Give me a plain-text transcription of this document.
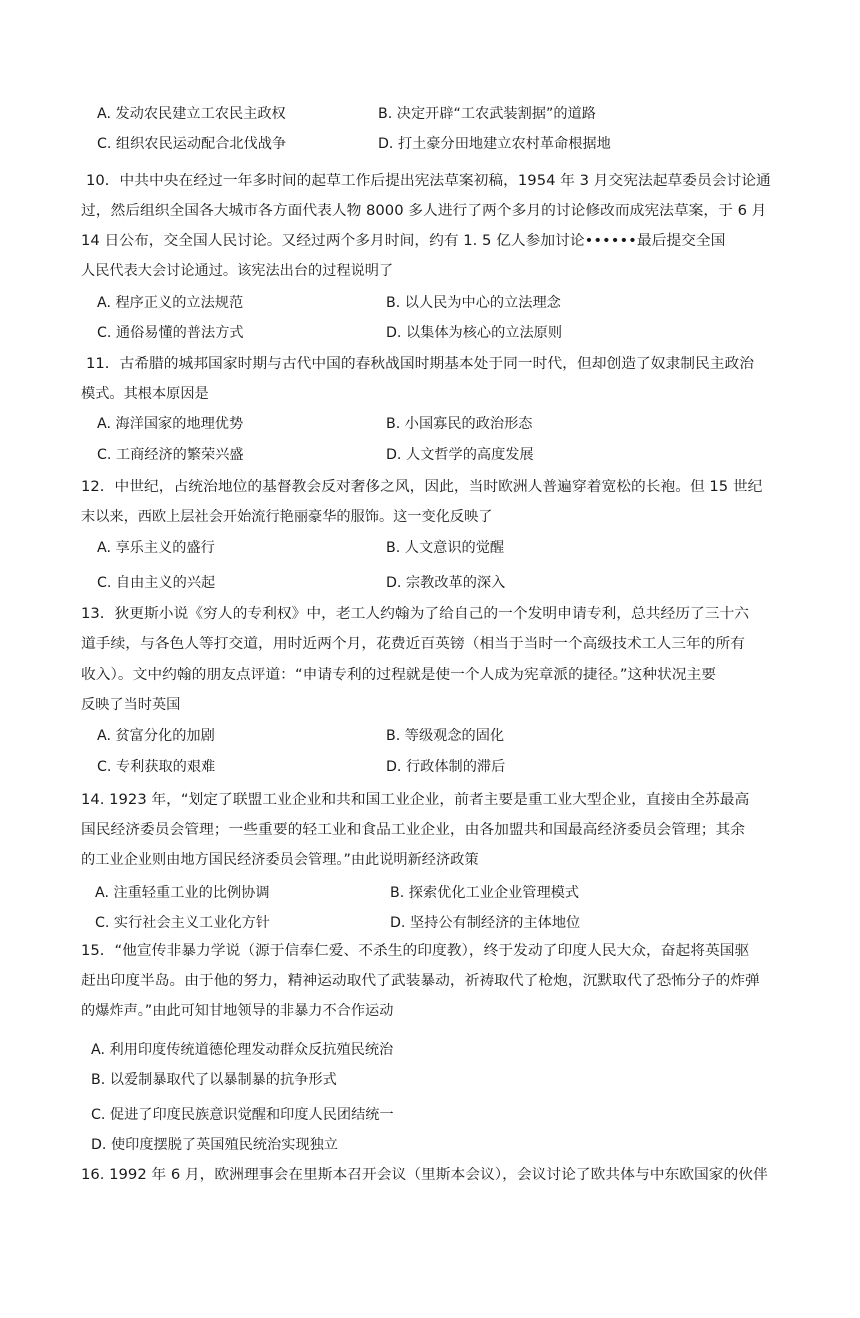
A. 发动农民建立工农民主政权	B. 决定开辟“工农武装割据”的道路
C. 组织农民运动配合北伐战争	D. 打土豪分田地建立农村革命根据地
10．中共中央在经过一年多时间的起草工作后提出宪法草案初稿，1954 年 3 月交宪法起草委员会讨论通
过，然后组织全国各大城市各方面代表人物 8000 多人进行了两个多月的讨论修改而成宪法草案，于 6 月
14 日公布，交全国人民讨论。又经过两个多月时间，约有 1. 5 亿人参加讨论••••••最后提交全国
人民代表大会讨论通过。该宪法出台的过程说明了
A. 程序正义的立法规范	B. 以人民为中心的立法理念
C. 通俗易懂的普法方式	D. 以集体为核心的立法原则
11．古希腊的城邦国家时期与古代中国的春秋战国时期基本处于同一时代，但却创造了奴隶制民主政治
模式。其根本原因是
A. 海洋国家的地理优势	B. 小国寡民的政治形态
C. 工商经济的繁荣兴盛	D. 人文哲学的高度发展
12．中世纪，占统治地位的基督教会反对奢侈之风，因此，当时欧洲人普遍穿着宽松的长袍。但 15 世纪
末以来，西欧上层社会开始流行艳丽豪华的服饰。这一变化反映了
A. 享乐主义的盛行	B. 人文意识的觉醒
C. 自由主义的兴起	D. 宗教改革的深入
13．狄更斯小说《穷人的专利权》中，老工人约翰为了给自己的一个发明申请专利，总共经历了三十六
道手续，与各色人等打交道，用时近两个月，花费近百英镑（相当于当时一个高级技术工人三年的所有
收入）。文中约翰的朋友点评道：“申请专利的过程就是使一个人成为宪章派的捷径。”这种状况主要
反映了当时英国
A. 贫富分化的加剧	B. 等级观念的固化
C. 专利获取的艰难	D. 行政体制的滞后
14. 1923 年，“划定了联盟工业企业和共和国工业企业，前者主要是重工业大型企业，直接由全苏最高
国民经济委员会管理；一些重要的轻工业和食品工业企业，由各加盟共和国最高经济委员会管理；其余
的工业企业则由地方国民经济委员会管理。”由此说明新经济政策
A. 注重轻重工业的比例协调	B. 探索优化工业企业管理模式
C. 实行社会主义工业化方针	D. 坚持公有制经济的主体地位
15．“他宣传非暴力学说（源于信奉仁爱、不杀生的印度教），终于发动了印度人民大众，奋起将英国驱
赶出印度半岛。由于他的努力，精神运动取代了武装暴动，祈祷取代了枪炮，沉默取代了恐怖分子的炸弹
的爆炸声。”由此可知甘地领导的非暴力不合作运动
A. 利用印度传统道德伦理发动群众反抗殖民统治
B. 以爱制暴取代了以暴制暴的抗争形式
C. 促进了印度民族意识觉醒和印度人民团结统一
D. 使印度摆脱了英国殖民统治实现独立
16. 1992 年 6 月，欧洲理事会在里斯本召开会议（里斯本会议），会议讨论了欧共体与中东欧国家的伙伴
